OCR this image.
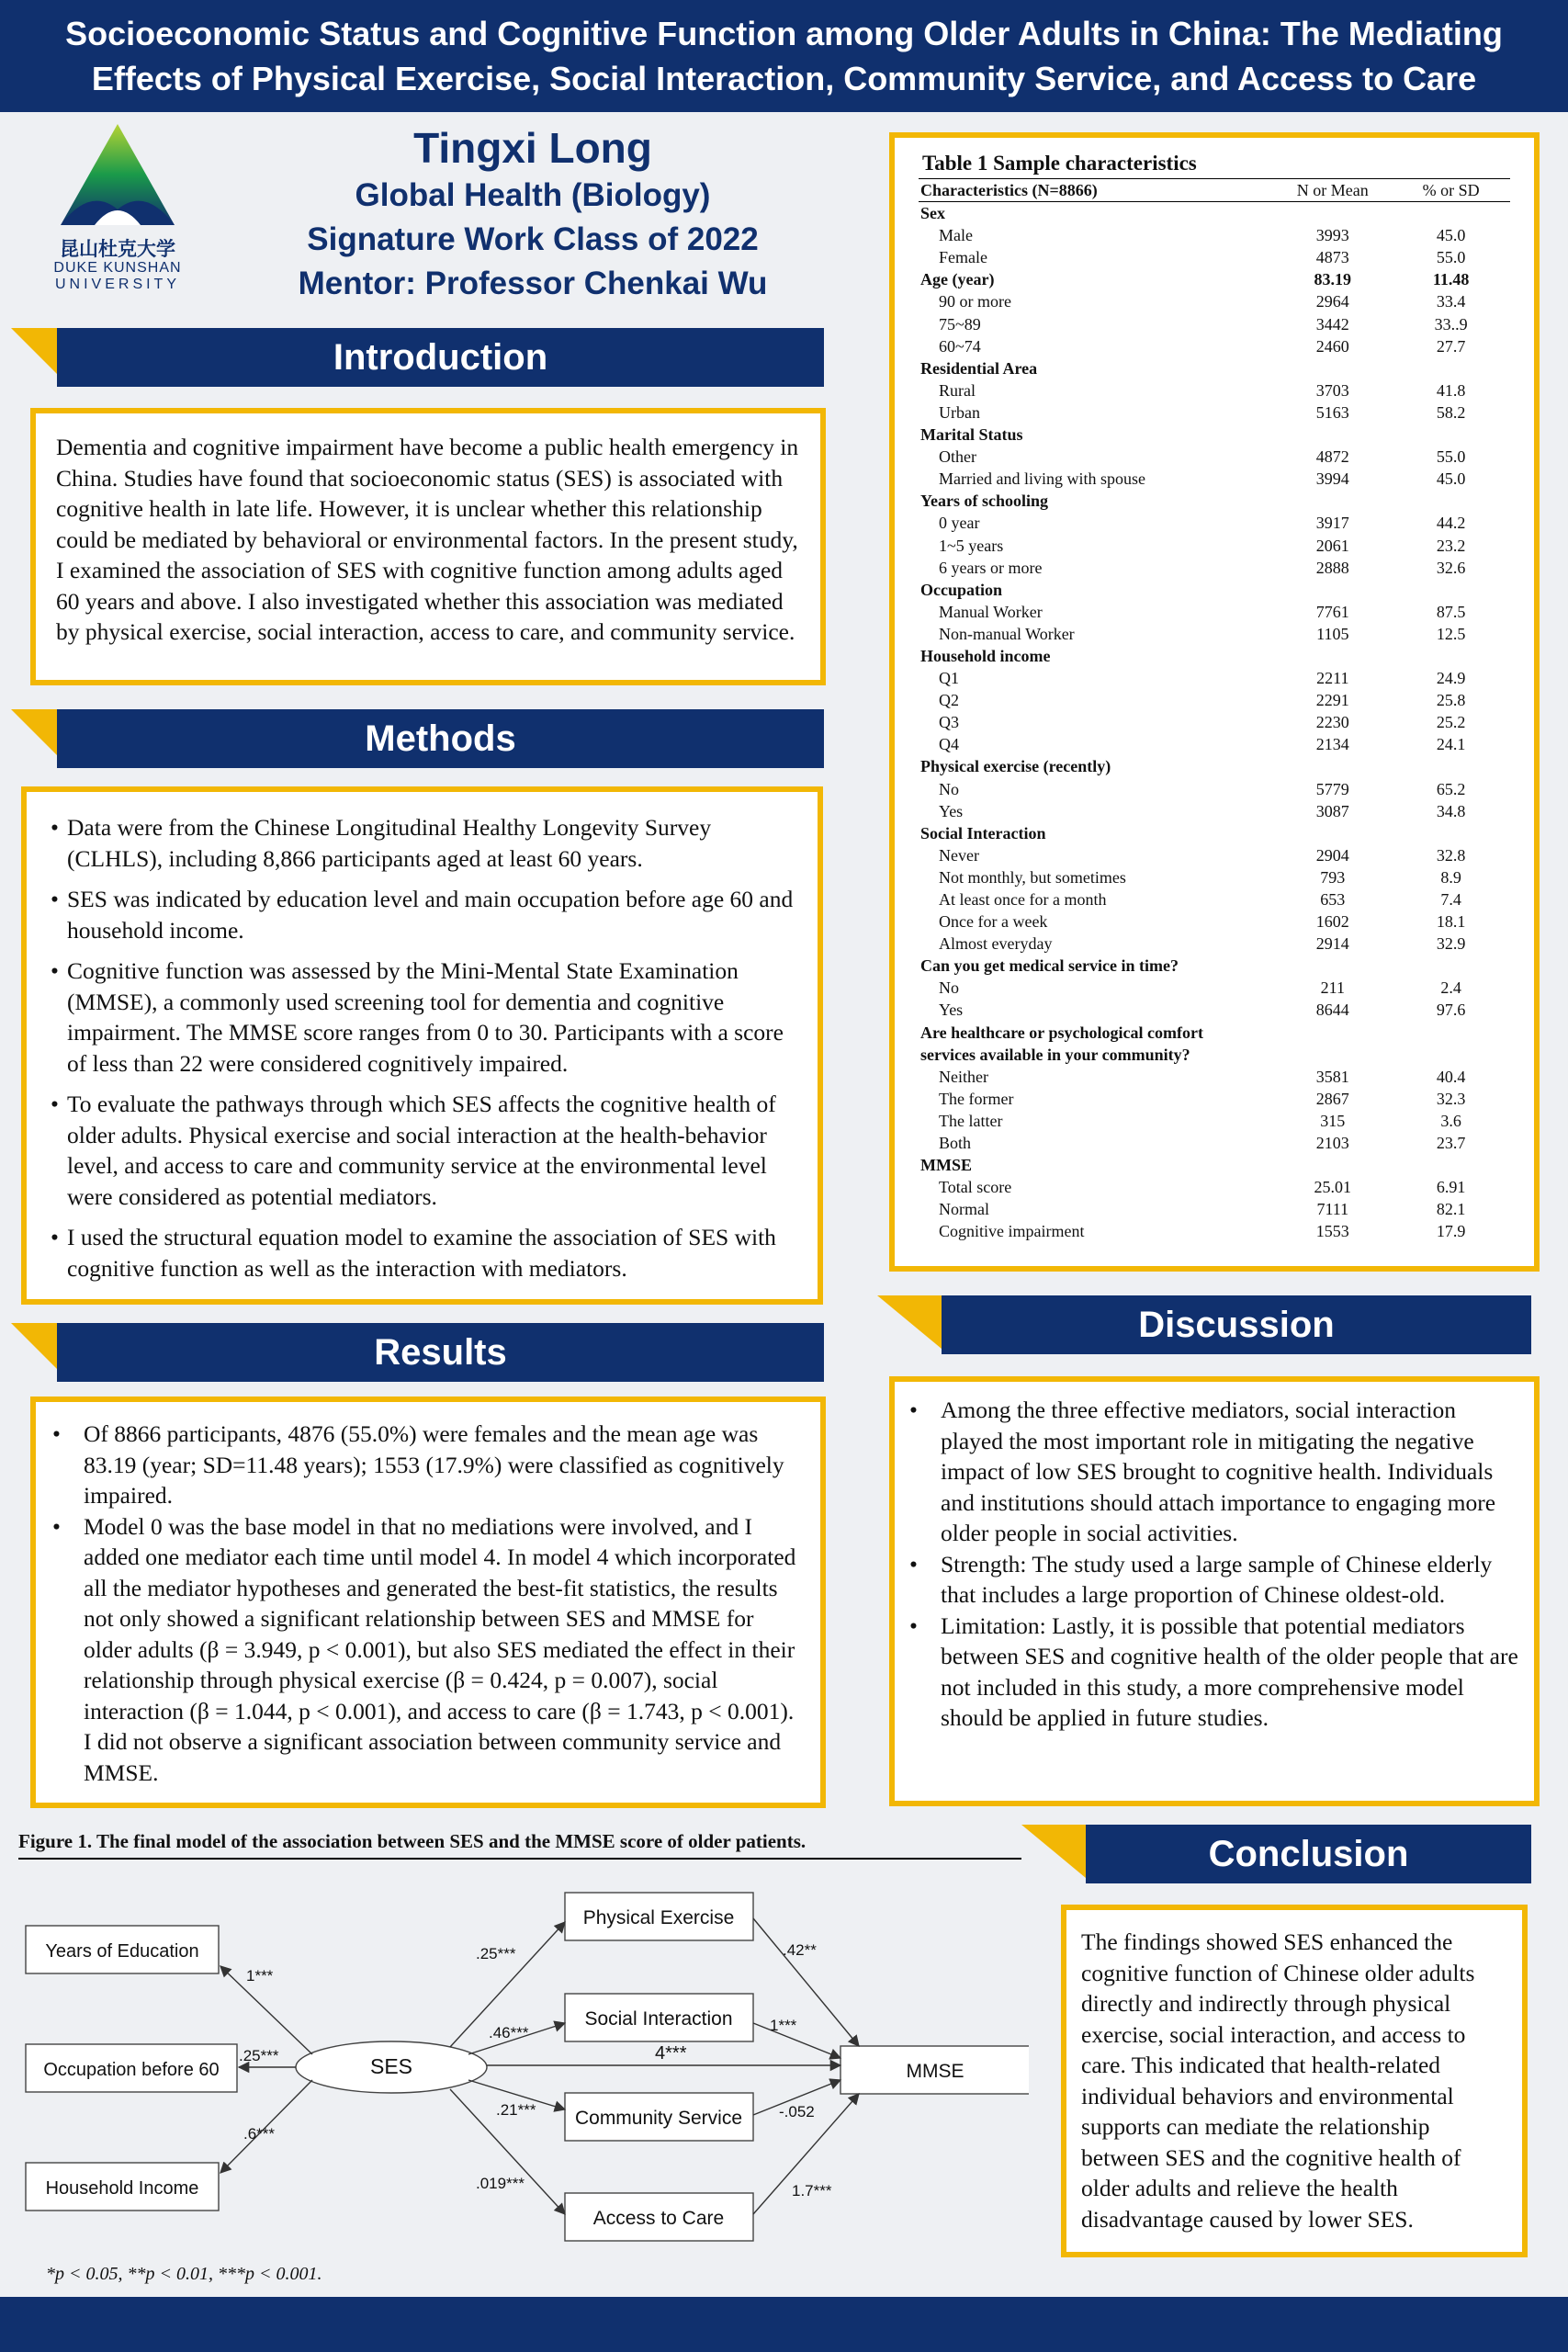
Socioeconomic Status and Cognitive Function among Older Adults in China: The Mediating
Effects of Physical Exercise, Social Interaction, Community Service, and Access to Care
昆山杜克大学
DUKE KUNSHAN
UNIVERSITY
Tingxi Long
Global Health (Biology)
Signature Work Class of 2022
Mentor: Professor Chenkai Wu
Introduction

Dementia and cognitive impairment have become a public health emergency in China. Studies have found that socioeconomic status (SES) is associated with cognitive health in late life. However, it is unclear whether this relationship could be mediated by behavioral or environmental factors. In the present study, I examined the association of SES with cognitive function among adults aged 60 years and above. I also investigated whether this association was mediated by physical exercise, social interaction, access to care, and community service.

Methods
• Data were from the Chinese Longitudinal Healthy Longevity Survey (CLHLS), including 8,866 participants aged at least 60 years.
• SES was indicated by education level and main occupation before age 60 and household income.
• Cognitive function was assessed by the Mini-Mental State Examination (MMSE), a commonly used screening tool for dementia and cognitive impairment. The MMSE score ranges from 0 to 30. Participants with a score of less than 22 were considered cognitively impaired.
• To evaluate the pathways through which SES affects the cognitive health of older adults. Physical exercise and social interaction at the health-behavior level, and access to care and community service at the environmental level were considered as potential mediators.
• I used the structural equation model to examine the association of SES with cognitive function as well as the interaction with mediators.
Results
• Of 8866 participants, 4876 (55.0%) were females and the mean age was 83.19 (year; SD=11.48 years); 1553 (17.9%) were classified as cognitively impaired.
• Model 0 was the base model in that no mediations were involved, and I added one mediator each time until model 4. In model 4 which incorporated all the mediator hypotheses and generated the best-fit statistics, the results not only showed a significant relationship between SES and MMSE for older adults (β = 3.949, p < 0.001), but also SES mediated the effect in their relationship through physical exercise (β = 0.424, p = 0.007), social interaction (β = 1.044, p < 0.001), and access to care (β = 1.743, p < 0.001). I did not observe a significant association between community service and MMSE.
Table 1 Sample characteristics
Characteristics (N=8866)	N or Mean	% or SD
Sex		
Male	3993	45.0
Female	4873	55.0
Age (year)	83.19	11.48
90 or more	2964	33.4
75~89	3442	33..9
60~74	2460	27.7
Residential Area		
Rural	3703	41.8
Urban	5163	58.2
Marital Status		
Other	4872	55.0
Married and living with spouse	3994	45.0
Years of schooling		
0 year	3917	44.2
1~5 years	2061	23.2
6 years or more	2888	32.6
Occupation		
Manual Worker	7761	87.5
Non-manual Worker	1105	12.5
Household income		
Q1	2211	24.9
Q2	2291	25.8
Q3	2230	25.2
Q4	2134	24.1
Physical exercise (recently)		
No	5779	65.2
Yes	3087	34.8
Social Interaction		
Never	2904	32.8
Not monthly, but sometimes	793	8.9
At least once for a month	653	7.4
Once for a week	1602	18.1
Almost everyday	2914	32.9
Can you get medical service in time?		
No	211	2.4
Yes	8644	97.6
Are healthcare or psychological comfort		
services available in your community?		
Neither	3581	40.4
The former	2867	32.3
The latter	315	3.6
Both	2103	23.7
MMSE		
Total score	25.01	6.91
Normal	7111	82.1
Cognitive impairment	1553	17.9
Discussion
• Among the three effective mediators, social interaction played the most important role in mitigating the negative impact of low SES brought to cognitive health. Individuals and institutions should attach importance to engaging more older people in social activities.
• Strength: The study used a large sample of Chinese elderly that includes a large proportion of Chinese oldest-old.
• Limitation: Lastly, it is possible that potential mediators between SES and cognitive health of the older people that are not included in this study, a more comprehensive model should be applied in future studies.
Conclusion

The findings showed SES enhanced the cognitive function of Chinese older adults directly and indirectly through physical exercise, social interaction, and access to care. This indicated that health-related individual behaviors and environmental supports can mediate the relationship between SES and the cognitive health of older adults and relieve the health disadvantage caused by lower SES.

Figure 1. The final model of the association between SES and the MMSE score of older patients.
Years of Education
Occupation before 60
Household Income
SES
Physical Exercise
Social Interaction
Community Service
Access to Care
MMSE
1***
.25***
.6***
.25***
.46***
.21***
.019***
4***
.42**
1***
-.052
1.7***
*p < 0.05, **p < 0.01, ***p < 0.001.
